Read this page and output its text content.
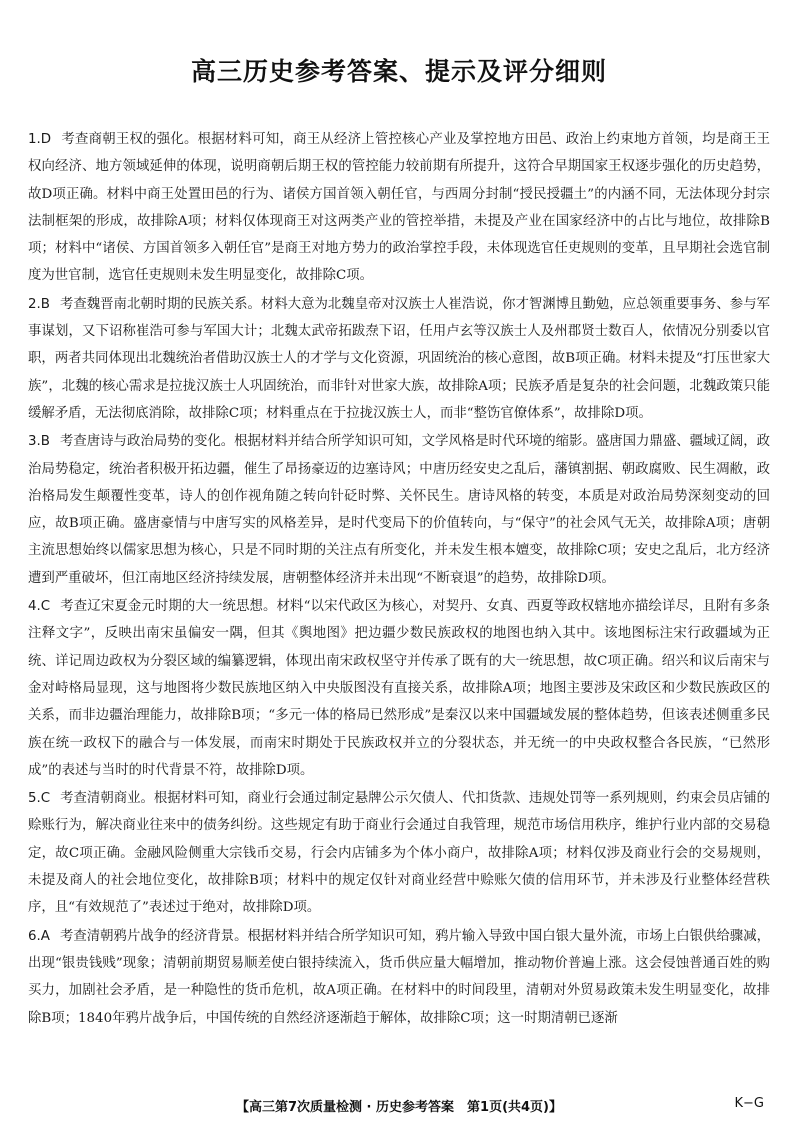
高三历史参考答案、提示及评分细则

1.D 考查商朝王权的强化。根据材料可知，商王从经济上管控核心产业及掌控地方田邑、政治上约束地方首领，均是商王王权向经济、地方领域延伸的体现，说明商朝后期王权的管控能力较前期有所提升，这符合早期国家王权逐步强化的历史趋势，故D项正确。材料中商王处置田邑的行为、诸侯方国首领入朝任官，与西周分封制“授民授疆土”的内涵不同，无法体现分封宗法制框架的形成，故排除A项；材料仅体现商王对这两类产业的管控举措，未提及产业在国家经济中的占比与地位，故排除B项；材料中“诸侯、方国首领多入朝任官”是商王对地方势力的政治掌控手段，未体现选官任吏规则的变革，且早期社会选官制度为世官制，选官任吏规则未发生明显变化，故排除C项。

2.B 考查魏晋南北朝时期的民族关系。材料大意为北魏皇帝对汉族士人崔浩说，你才智渊博且勤勉，应总领重要事务、参与军事谋划，又下诏称崔浩可参与军国大计；北魏太武帝拓跋焘下诏，任用卢玄等汉族士人及州郡贤士数百人，依情况分别委以官职，两者共同体现出北魏统治者借助汉族士人的才学与文化资源，巩固统治的核心意图，故B项正确。材料未提及“打压世家大族”，北魏的核心需求是拉拢汉族士人巩固统治，而非针对世家大族，故排除A项；民族矛盾是复杂的社会问题，北魏政策只能缓解矛盾，无法彻底消除，故排除C项；材料重点在于拉拢汉族士人，而非“整饬官僚体系”，故排除D项。

3.B 考查唐诗与政治局势的变化。根据材料并结合所学知识可知，文学风格是时代环境的缩影。盛唐国力鼎盛、疆域辽阔，政治局势稳定，统治者积极开拓边疆，催生了昂扬豪迈的边塞诗风；中唐历经安史之乱后，藩镇割据、朝政腐败、民生凋敝，政治格局发生颠覆性变革，诗人的创作视角随之转向针砭时弊、关怀民生。唐诗风格的转变，本质是对政治局势深刻变动的回应，故B项正确。盛唐豪情与中唐写实的风格差异，是时代变局下的价值转向，与“保守”的社会风气无关，故排除A项；唐朝主流思想始终以儒家思想为核心，只是不同时期的关注点有所变化，并未发生根本嬗变，故排除C项；安史之乱后，北方经济遭到严重破坏，但江南地区经济持续发展，唐朝整体经济并未出现“不断衰退”的趋势，故排除D项。

4.C 考查辽宋夏金元时期的大一统思想。材料“以宋代政区为核心，对契丹、女真、西夏等政权辖地亦描绘详尽，且附有多条注释文字”，反映出南宋虽偏安一隅，但其《舆地图》把边疆少数民族政权的地图也纳入其中。该地图标注宋行政疆域为正统、详记周边政权为分裂区域的编纂逻辑，体现出南宋政权坚守并传承了既有的大一统思想，故C项正确。绍兴和议后南宋与金对峙格局显现，这与地图将少数民族地区纳入中央版图没有直接关系，故排除A项；地图主要涉及宋政区和少数民族政区的关系，而非边疆治理能力，故排除B项；“多元一体的格局已然形成”是秦汉以来中国疆域发展的整体趋势，但该表述侧重多民族在统一政权下的融合与一体发展，而南宋时期处于民族政权并立的分裂状态，并无统一的中央政权整合各民族，“已然形成”的表述与当时的时代背景不符，故排除D项。

5.C 考查清朝商业。根据材料可知，商业行会通过制定悬牌公示欠债人、代扣货款、违规处罚等一系列规则，约束会员店铺的赊账行为，解决商业往来中的债务纠纷。这些规定有助于商业行会通过自我管理，规范市场信用秩序，维护行业内部的交易稳定，故C项正确。金融风险侧重大宗钱币交易，行会内店铺多为个体小商户，故排除A项；材料仅涉及商业行会的交易规则，未提及商人的社会地位变化，故排除B项；材料中的规定仅针对商业经营中赊账欠债的信用环节，并未涉及行业整体经营秩序，且“有效规范了”表述过于绝对，故排除D项。

6.A 考查清朝鸦片战争的经济背景。根据材料并结合所学知识可知，鸦片输入导致中国白银大量外流，市场上白银供给骤减，出现“银贵钱贱”现象；清朝前期贸易顺差使白银持续流入，货币供应量大幅增加，推动物价普遍上涨。这会侵蚀普通百姓的购买力，加剧社会矛盾，是一种隐性的货币危机，故A项正确。在材料中的时间段里，清朝对外贸易政策未发生明显变化，故排除B项；1840年鸦片战争后，中国传统的自然经济逐渐趋于解体，故排除C项；这一时期清朝已逐渐

【高三第7次质量检测 · 历史参考答案　第1页(共4页)】	K−G
